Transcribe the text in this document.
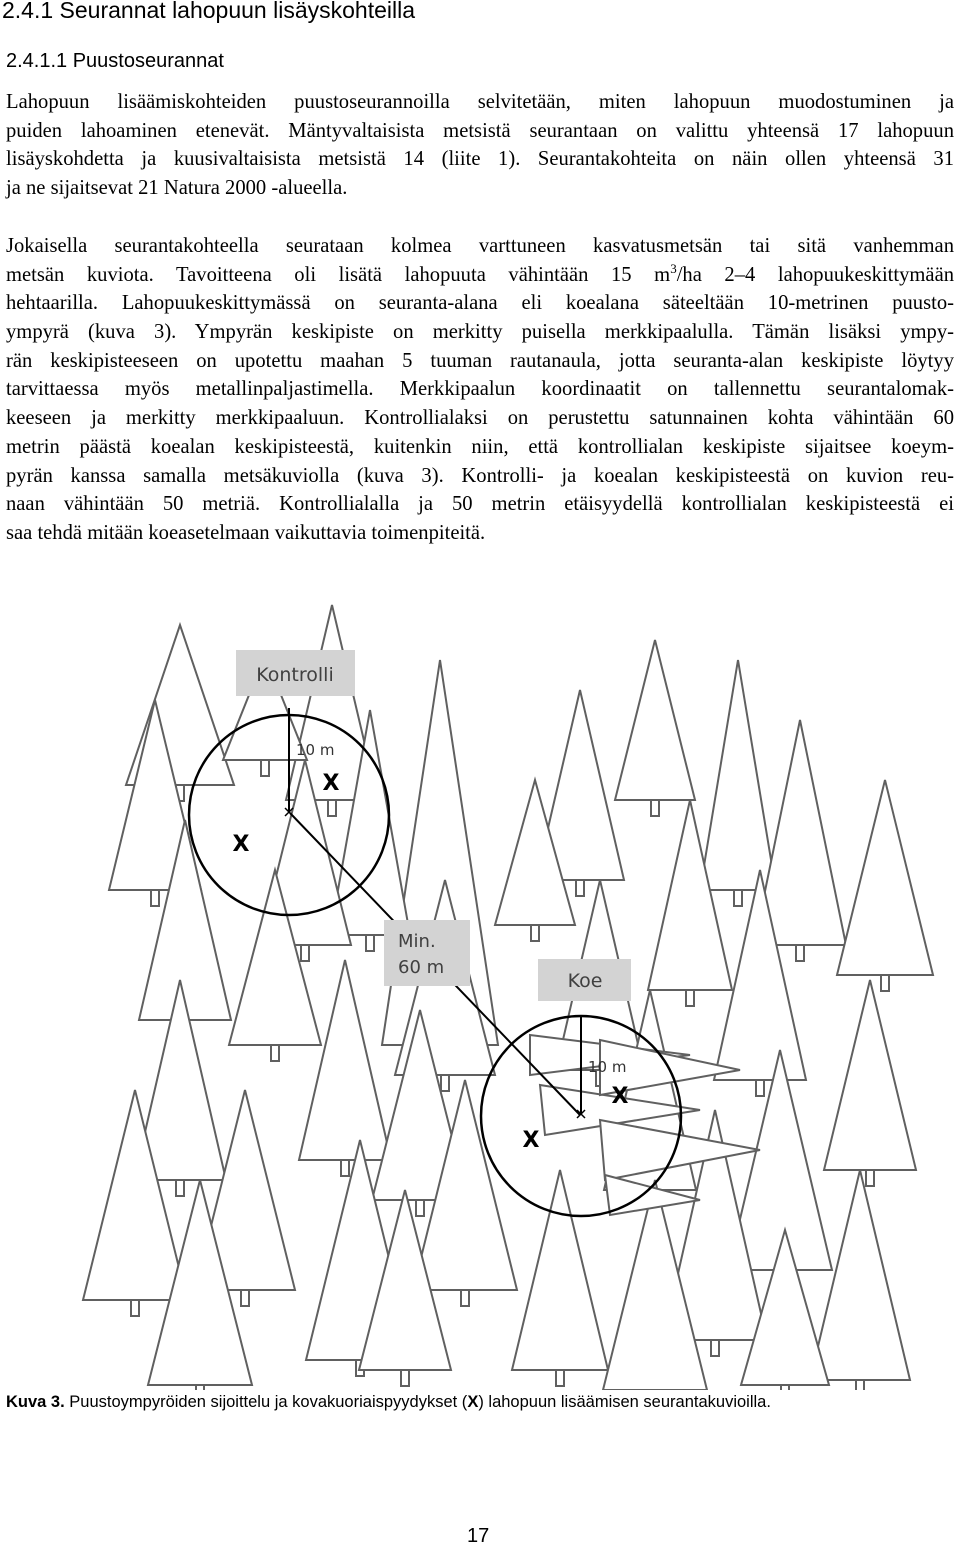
2.4.1 Seurannat lahopuun lisäyskohteilla
2.4.1.1 Puustoseurannat

Lahopuun lisäämiskohteiden puustoseurannoilla selvitetään, miten lahopuun muodostuminen ja
puiden lahoaminen etenevät. Mäntyvaltaisista metsistä seurantaan on valittu yhteensä 17 lahopuun
lisäyskohdetta ja kuusivaltaisista metsistä 14 (liite 1). Seurantakohteita on näin ollen yhteensä 31
ja ne sijaitsevat 21 Natura 2000 -alueella.

Jokaisella seurantakohteella seurataan kolmea varttuneen kasvatusmetsän tai sitä vanhemman
metsän kuviota. Tavoitteena oli lisätä lahopuuta vähintään 15 $m^3/ha$ 2–4 lahopuukeskittymään
hehtaarilla. Lahopuukeskittymässä on seuranta-alana eli koealana säteeltään 10-metrinen puusto-
ympyrä (kuva 3). Ympyrän keskipiste on merkitty puisella merkkipaalulla. Tämän lisäksi ympy-
rän keskipisteeseen on upotettu maahan 5 tuuman rautanaula, jotta seuranta-alan keskipiste löytyy
tarvittaessa myös metallinpaljastimella. Merkkipaalun koordinaatit on tallennettu seurantalomak-
keeseen ja merkitty merkkipaaluun. Kontrollialaksi on perustettu satunnainen kohta vähintään 60
metrin päästä koealan keskipisteestä, kuitenkin niin, että kontrollialan keskipiste sijaitsee koeym-
pyrän kanssa samalla metsäkuviolla (kuva 3). Kontrolli- ja koealan keskipisteestä on kuvion reu-
naan vähintään 50 metriä. Kontrollialalla ja 50 metrin etäisyydellä kontrollialan keskipisteestä ei
saa tehdä mitään koeasetelmaan vaikuttavia toimenpiteitä.

10 m
10 m
Kontrolli
Min.
60 m
Koe
X
X
X
X
Kuva 3. Puustoympyröiden sijoittelu ja kovakuoriaispyydykset (X) lahopuun lisäämisen seurantakuvioilla.
17
